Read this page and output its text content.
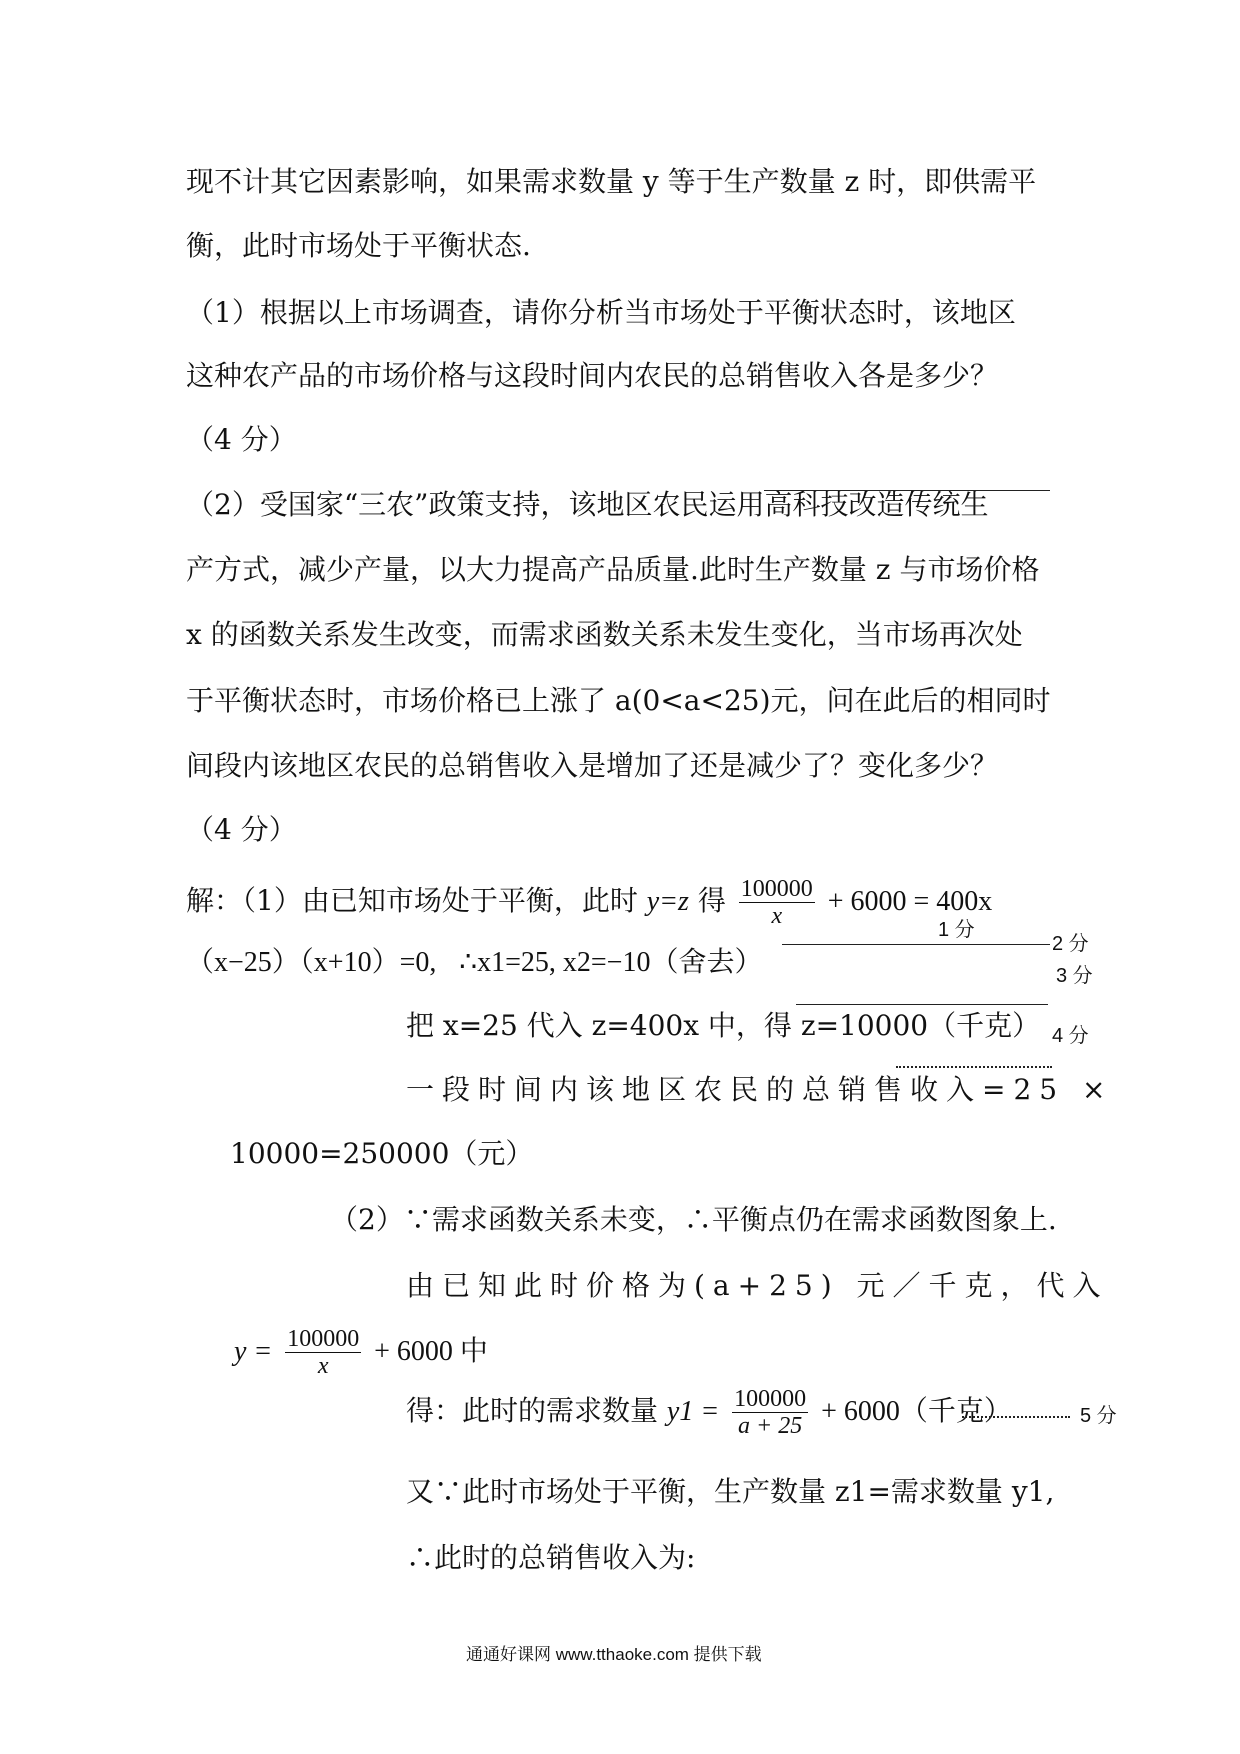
现不计其它因素影响，如果需求数量 y 等于生产数量 z 时，即供需平
衡，此时市场处于平衡状态.
（1）根据以上市场调查，请你分析当市场处于平衡状态时，该地区
这种农产品的市场价格与这段时间内农民的总销售收入各是多少？
（4 分）
（2）受国家“三农”政策支持，该地区农民运用高科技改造传统生
产方式，减少产量，以大力提高产品质量.此时生产数量 z 与市场价格
x 的函数关系发生改变，而需求函数关系未发生变化，当市场再次处
于平衡状态时，市场价格已上涨了 a(0<a<25)元，问在此后的相同时
间段内该地区农民的总销售收入是增加了还是减少了？变化多少？
（4 分）
解：（1）由已知市场处于平衡，此时 y=z 得 $\frac{100000}{x} + 6000 = 400x$
1 分
2 分
（x−25）（x+10）=0, ∴x1=25, x2=−10（舍去）	3 分
把 x=25 代入 z=400x 中，得 z=10000（千克） 4 分
一段时间内该地区农民的总销售收入=25 ×
10000=250000（元）
（2）∵需求函数关系未变，∴平衡点仍在需求函数图象上.
由已知此时价格为(a+25) 元／千克，代入
$y = \frac{100000}{x} + 6000$ 中
得：此时的需求数量 $y1 = \frac{100000}{a + 25} + 6000$（千克）	5 分
又∵此时市场处于平衡，生产数量 z1=需求数量 y1,
∴此时的总销售收入为:
通通好课网 www.tthaoke.com 提供下载
